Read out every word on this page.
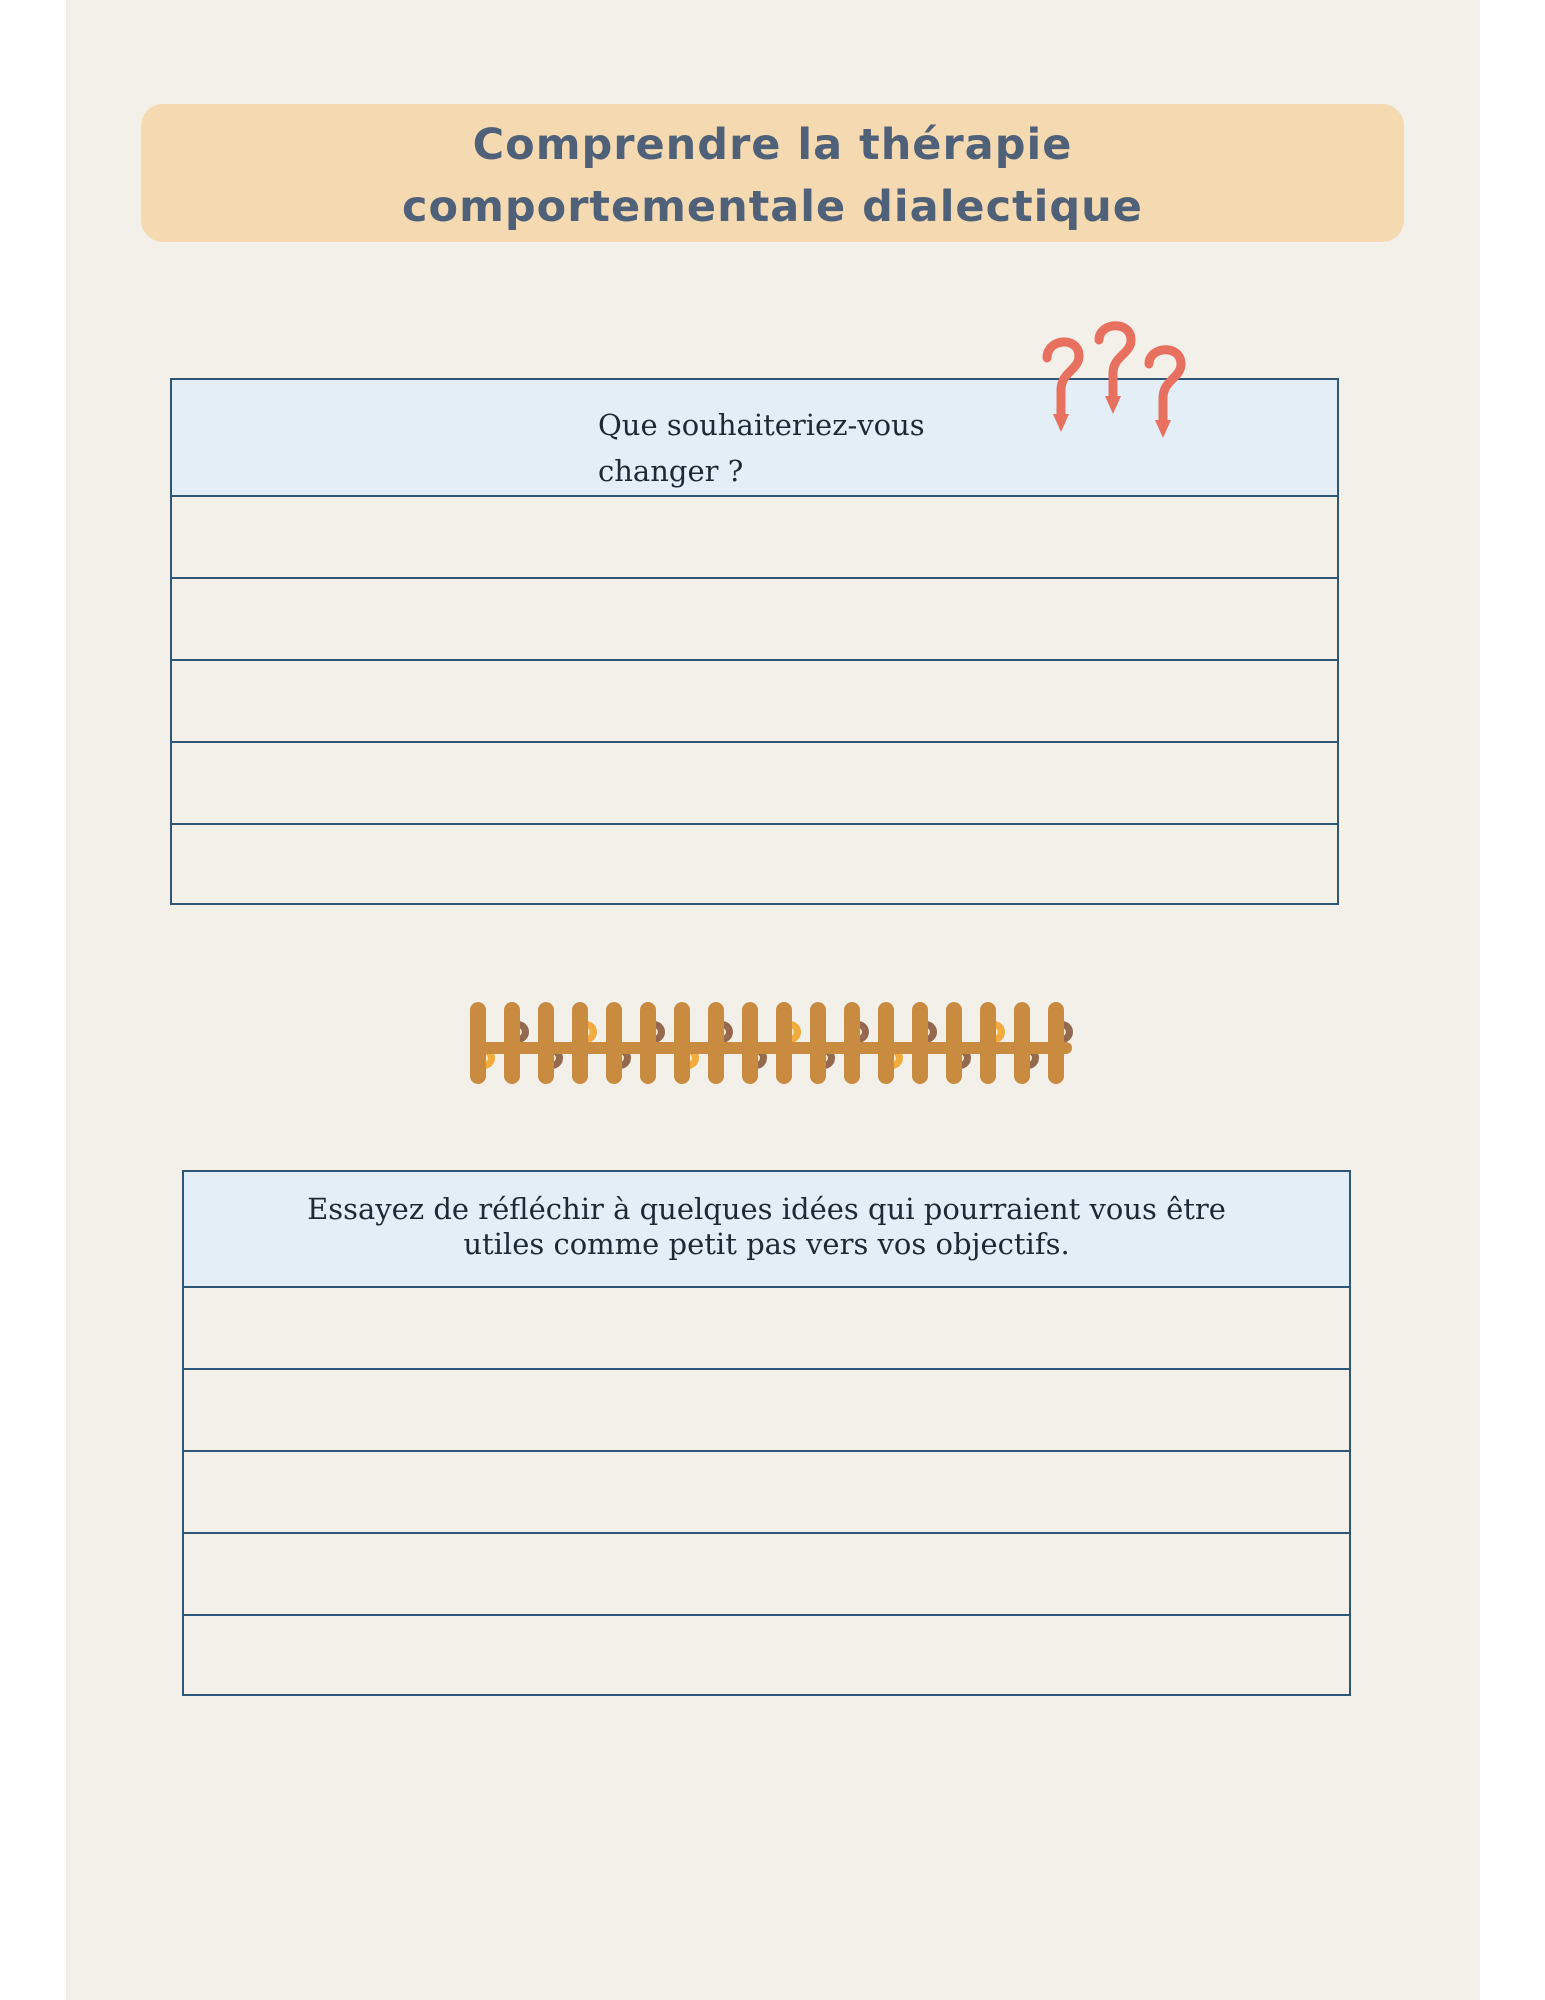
Comprendre la thérapie
comportementale dialectique
Que souhaiteriez-vous
changer ?
Essayez de réfléchir à quelques idées qui pourraient vous être
utiles comme petit pas vers vos objectifs.
